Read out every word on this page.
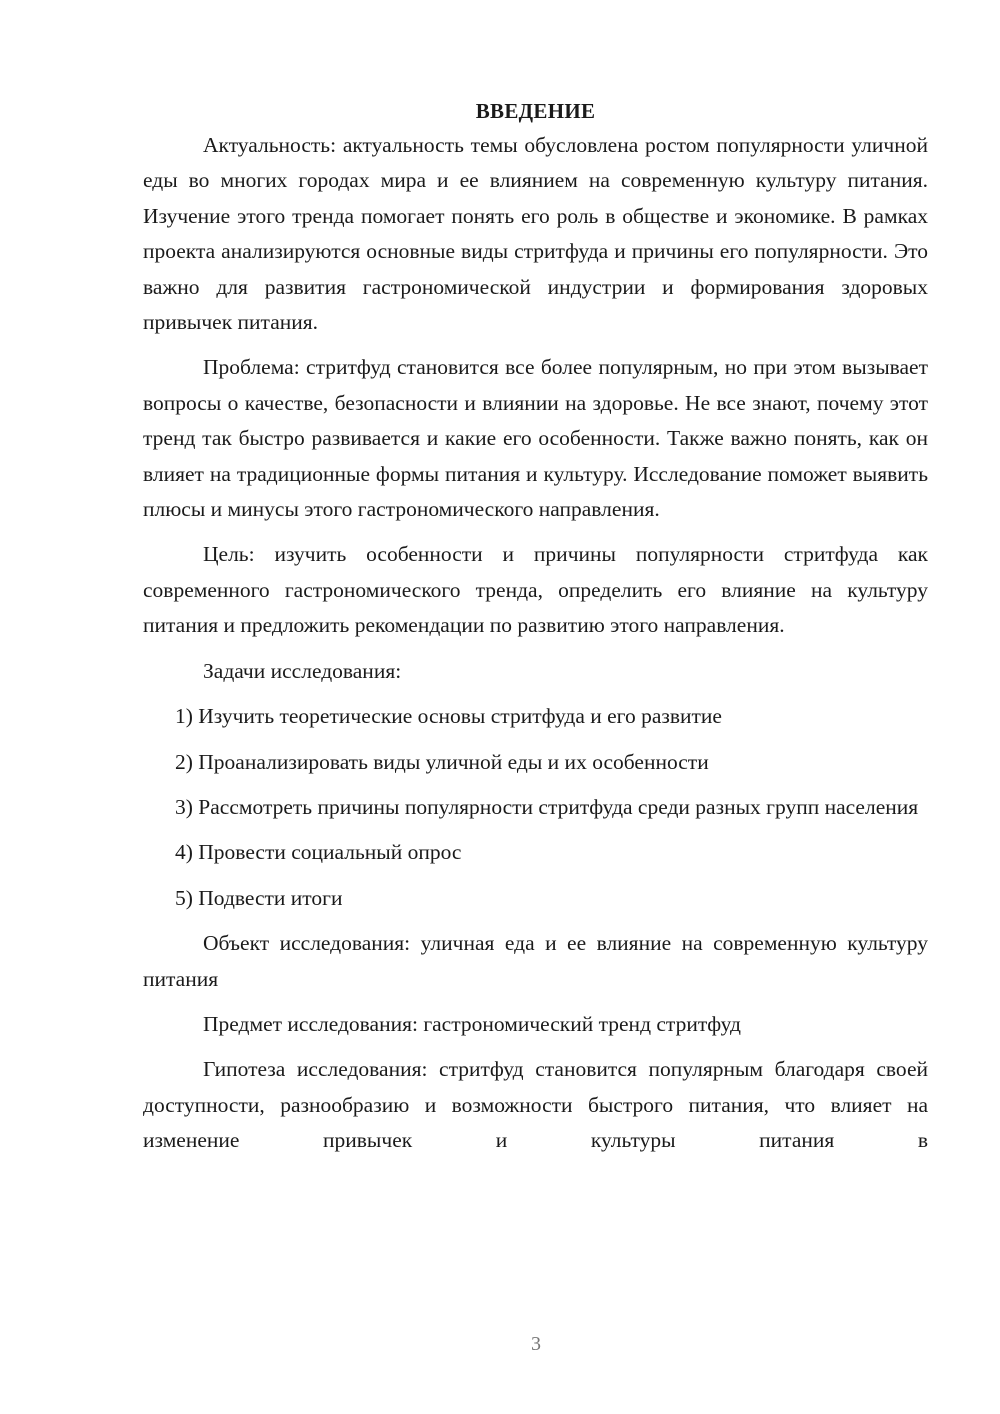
ВВЕДЕНИЕ

Актуальность: актуальность темы обусловлена ростом популярности уличной еды во многих городах мира и ее влиянием на современную культуру питания. Изучение этого тренда помогает понять его роль в обществе и экономике. В рамках проекта анализируются основные виды стритфуда и причины его популярности. Это важно для развития гастрономической индустрии и формирования здоровых привычек питания.

Проблема: стритфуд становится все более популярным, но при этом вызывает вопросы о качестве, безопасности и влиянии на здоровье. Не все знают, почему этот тренд так быстро развивается и какие его особенности. Также важно понять, как он влияет на традиционные формы питания и культуру. Исследование поможет выявить плюсы и минусы этого гастрономического направления.

Цель: изучить особенности и причины популярности стритфуда как современного гастрономического тренда, определить его влияние на культуру питания и предложить рекомендации по развитию этого направления.

Задачи исследования:

1) Изучить теоретические основы стритфуда и его развитие

2) Проанализировать виды уличной еды и их особенности

3) Рассмотреть причины популярности стритфуда среди разных групп населения

4) Провести социальный опрос

5) Подвести итоги

Объект исследования: уличная еда и ее влияние на современную культуру питания

Предмет исследования: гастрономический тренд стритфуд

Гипотеза исследования: стритфуд становится популярным благодаря своей доступности, разнообразию и возможности быстрого питания, что влияет на изменение привычек и культуры питания в

3
